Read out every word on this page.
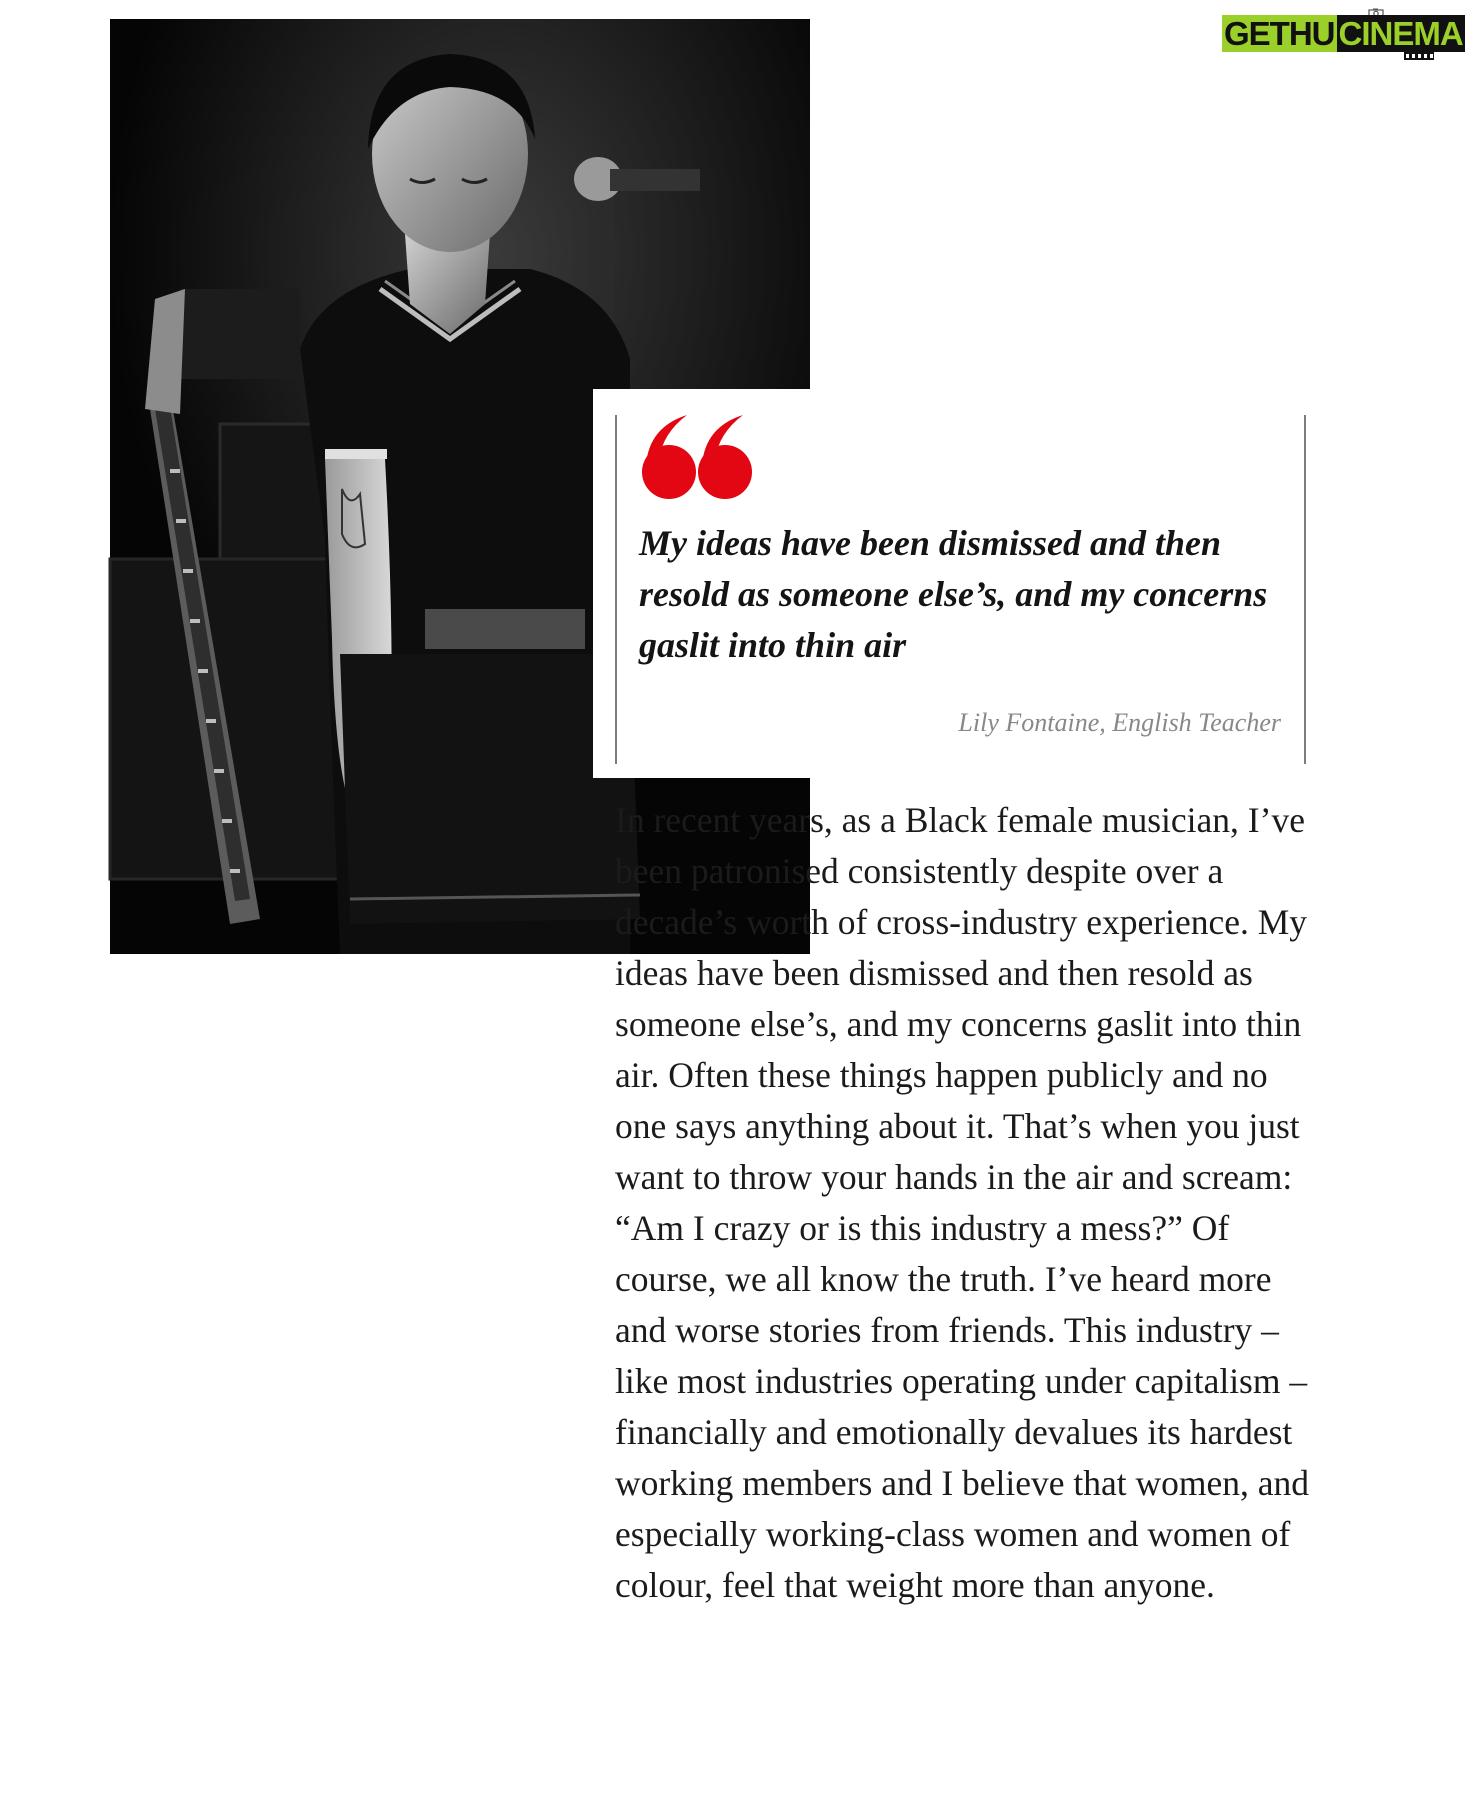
GETHU CINEMA

My ideas have been dismissed and then resold as someone else’s, and my concerns gaslit into thin air

Lily Fontaine, English Teacher

In recent years, as a Black female musician, I’ve been patronised consistently despite over a decade’s worth of cross-industry experience. My ideas have been dismissed and then resold as someone else’s, and my concerns gaslit into thin air. Often these things happen publicly and no one says anything about it. That’s when you just want to throw your hands in the air and scream: “Am I crazy or is this industry a mess?” Of course, we all know the truth. I’ve heard more and worse stories from friends. This industry – like most industries operating under capitalism – financially and emotionally devalues its hardest working members and I believe that women, and especially working-class women and women of colour, feel that weight more than anyone.
